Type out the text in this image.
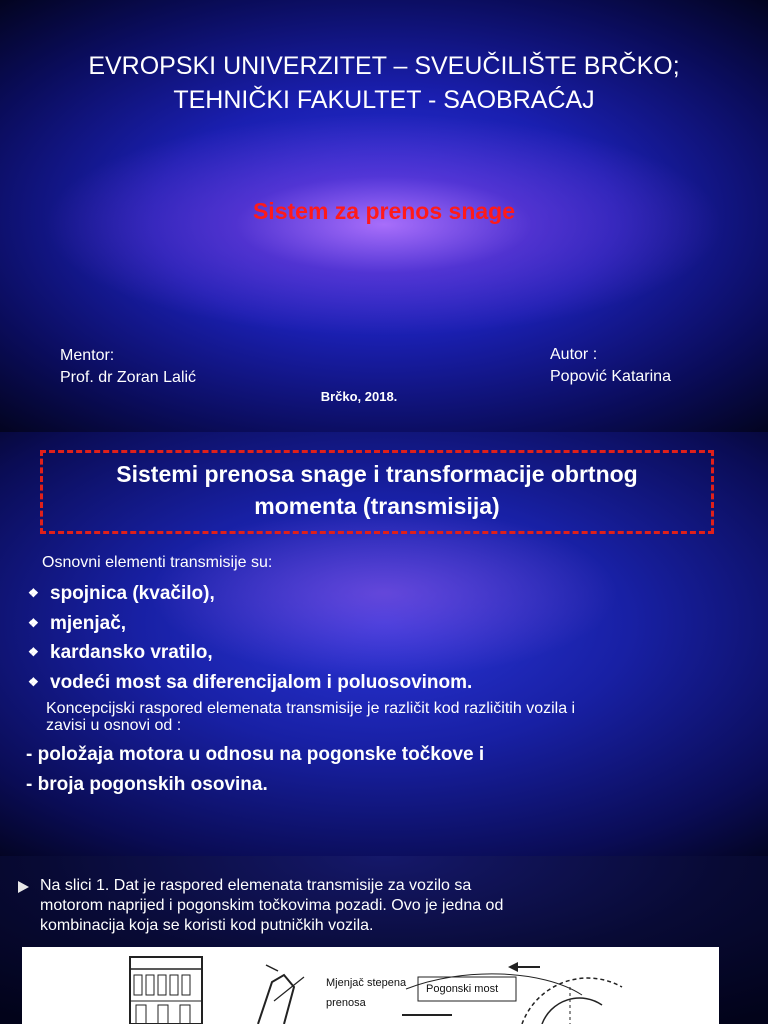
EVROPSKI UNIVERZITET – SVEUČILIŠTE BRČKO;
TEHNIČKI FAKULTET - SAOBRAĆAJ
Sistem za prenos snage
Mentor:
Prof. dr Zoran Lalić
Autor :
Popović Katarina
Brčko, 2018.
Sistemi prenosa snage i transformacije obrtnog
momenta (transmisija)
Osnovni elementi transmisije su:
❖ spojnica (kvačilo),
❖ mjenjač,
❖ kardansko vratilo,
❖ vodeći most sa diferencijalom i poluosovinom.
Koncepcijski raspored elemenata transmisije je različit kod različitih vozila i
zavisi u osnovi od :
- položaja motora u odnosu na pogonske točkove i
- broja pogonskih osovina.
Na slici 1. Dat je raspored elemenata transmisije za vozilo sa
motorom naprijed i pogonskim točkovima pozadi. Ovo je jedna od
kombinacija koja se koristi kod putničkih vozila.
Mjenjač stepena
prenosa
Pogonski most
